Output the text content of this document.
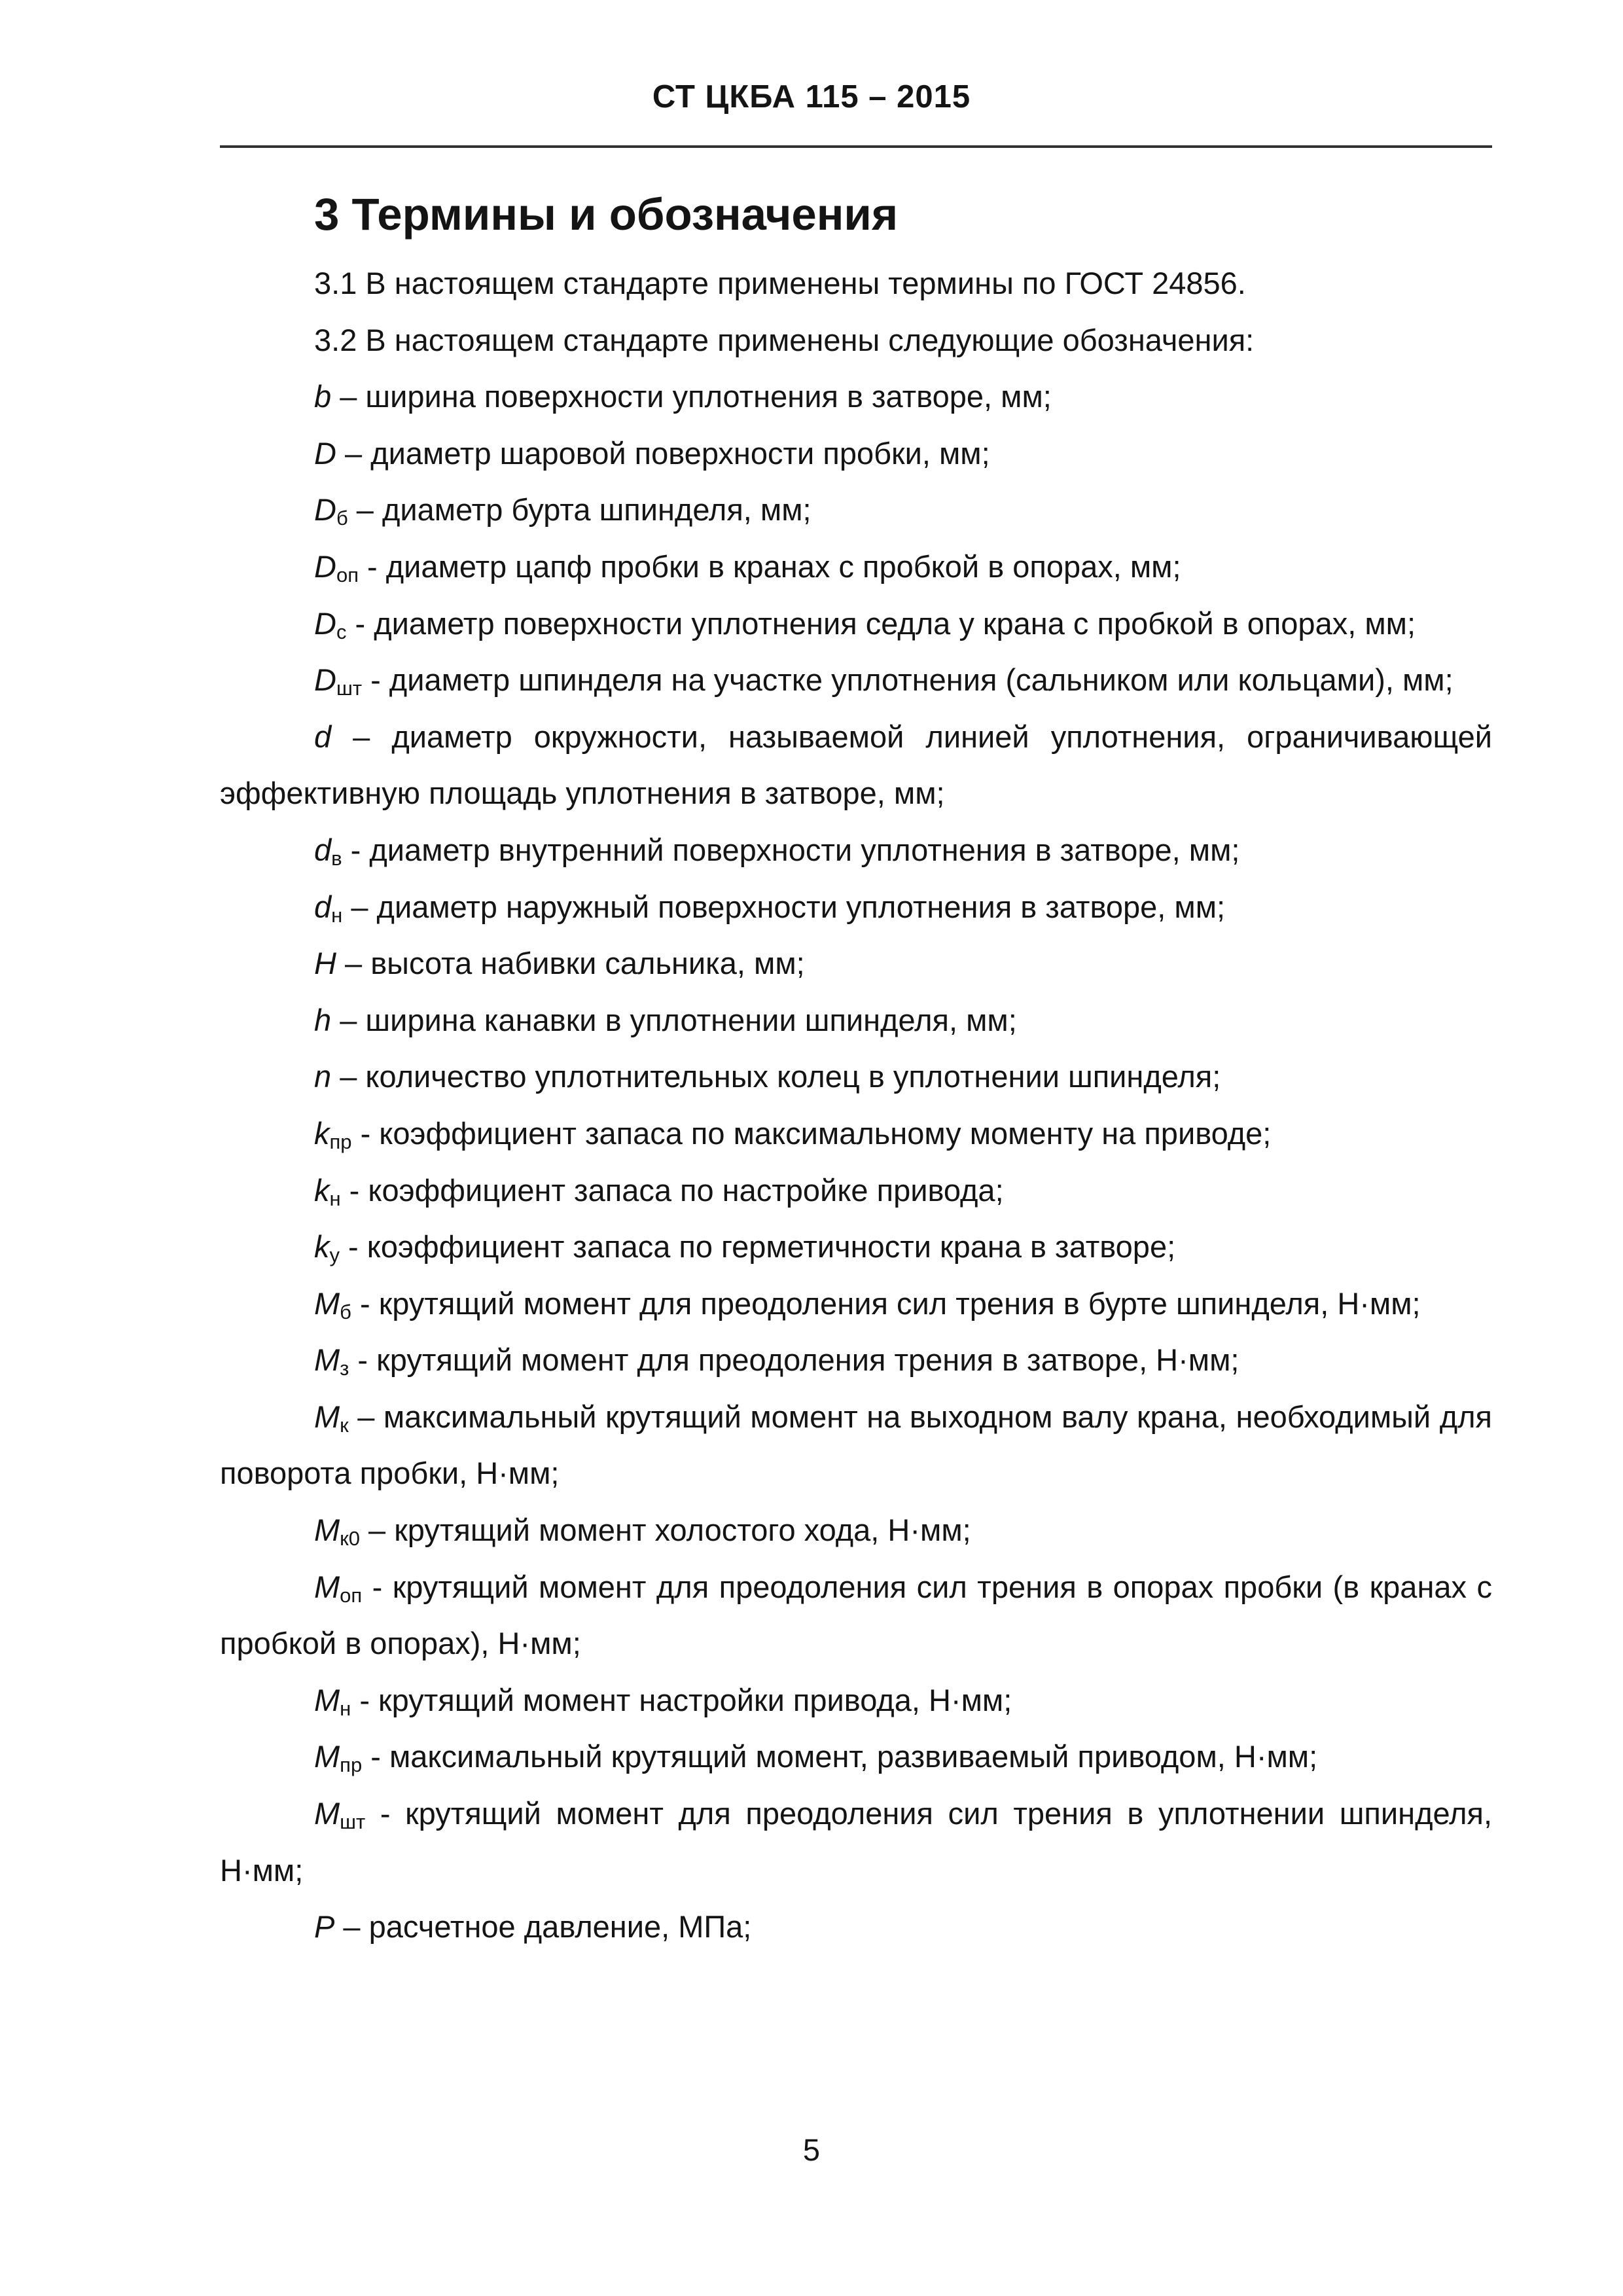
СТ ЦКБА 115 – 2015
3 Термины и обозначения

3.1 В настоящем стандарте применены термины по ГОСТ 24856.

3.2 В настоящем стандарте применены следующие обозначения:

b – ширина поверхности уплотнения в затворе, мм;

D – диаметр шаровой поверхности пробки, мм;

$D_б$ – диаметр бурта шпинделя, мм;

$D_{оп}$ - диаметр цапф пробки в кранах с пробкой в опорах, мм;

$D_с$ - диаметр поверхности уплотнения седла у крана с пробкой в опорах, мм;

$D_{шт}$ - диаметр шпинделя на участке уплотнения (сальником или кольцами), мм;

d – диаметр окружности, называемой линией уплотнения, ограничивающей эффективную площадь уплотнения в затворе, мм;

$d_в$ - диаметр внутренний поверхности уплотнения в затворе, мм;

$d_н$ – диаметр наружный поверхности уплотнения в затворе, мм;

H – высота набивки сальника, мм;

h – ширина канавки в уплотнении шпинделя, мм;

n – количество уплотнительных колец в уплотнении шпинделя;

$k_{пр}$ - коэффициент запаса по максимальному моменту на приводе;

$k_н$ - коэффициент запаса по настройке привода;

$k_у$ - коэффициент запаса по герметичности крана в затворе;

$M_б$ - крутящий момент для преодоления сил трения в бурте шпинделя, Н·мм;

$M_з$ - крутящий момент для преодоления трения в затворе, Н·мм;

$M_к$ – максимальный крутящий момент на выходном валу крана, необходимый для поворота пробки, Н·мм;

$M_{к0}$ – крутящий момент холостого хода, Н·мм;

$M_{оп}$ - крутящий момент для преодоления сил трения в опорах пробки (в кранах с пробкой в опорах), Н·мм;

$M_н$ - крутящий момент настройки привода, Н·мм;

$M_{пр}$ - максимальный крутящий момент, развиваемый приводом, Н·мм;

$M_{шт}$ - крутящий момент для преодоления сил трения в уплотнении шпинделя, Н·мм;

P – расчетное давление, МПа;

5
